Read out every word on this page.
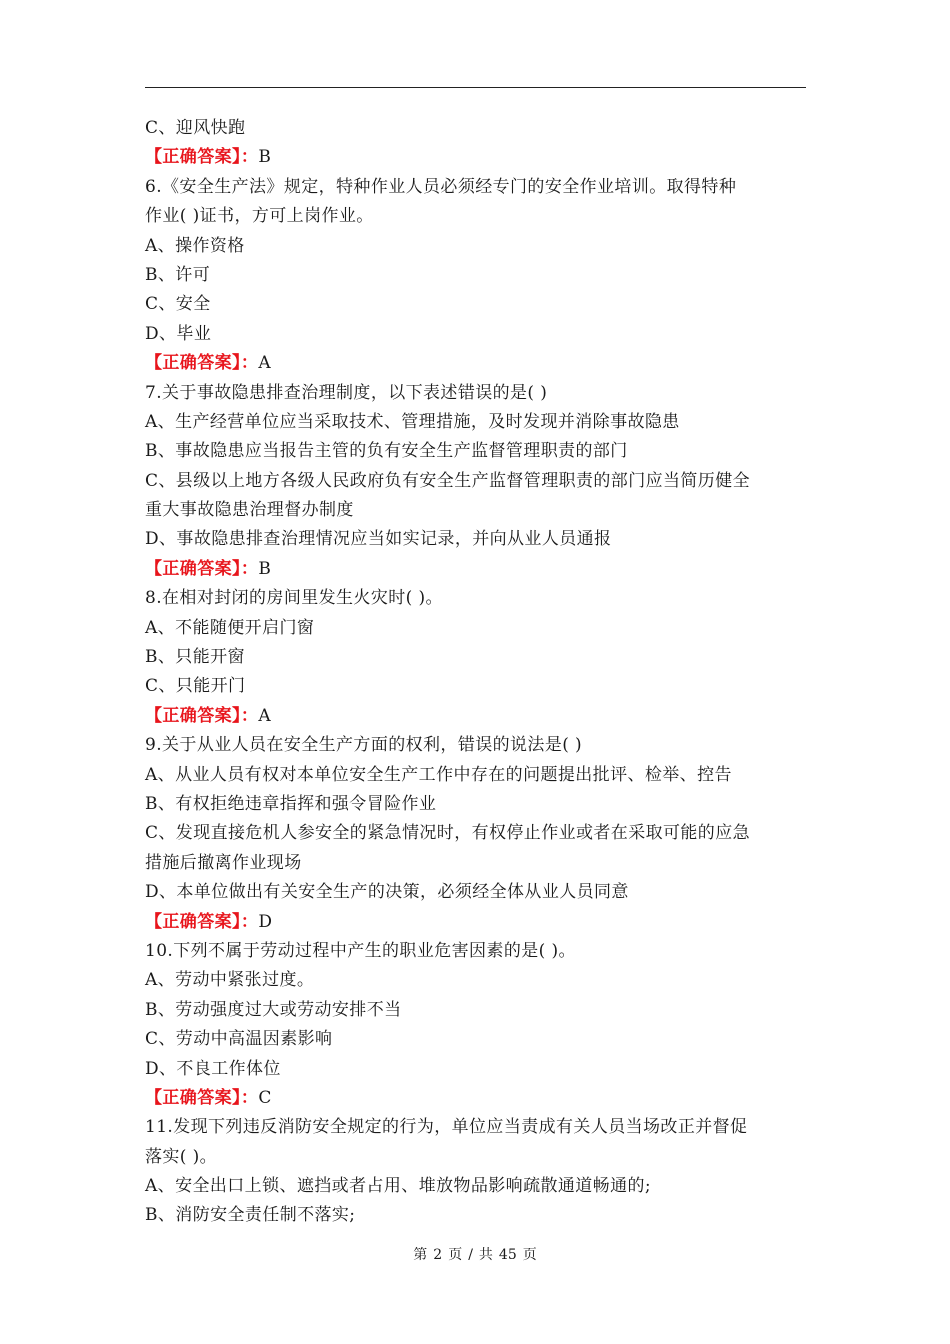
C、迎风快跑
【正确答案】：B
6.《安全生产法》规定，特种作业人员必须经专门的安全作业培训。取得特种
作业( )证书，方可上岗作业。
A、操作资格
B、许可
C、安全
D、毕业
【正确答案】：A
7.关于事故隐患排查治理制度，以下表述错误的是( )
A、生产经营单位应当采取技术、管理措施，及时发现并消除事故隐患
B、事故隐患应当报告主管的负有安全生产监督管理职责的部门
C、县级以上地方各级人民政府负有安全生产监督管理职责的部门应当简历健全
重大事故隐患治理督办制度
D、事故隐患排查治理情况应当如实记录，并向从业人员通报
【正确答案】：B
8.在相对封闭的房间里发生火灾时( )。
A、不能随便开启门窗
B、只能开窗
C、只能开门
【正确答案】：A
9.关于从业人员在安全生产方面的权利，错误的说法是( )
A、从业人员有权对本单位安全生产工作中存在的问题提出批评、检举、控告
B、有权拒绝违章指挥和强令冒险作业
C、发现直接危机人参安全的紧急情况时，有权停止作业或者在采取可能的应急
措施后撤离作业现场
D、本单位做出有关安全生产的决策，必须经全体从业人员同意
【正确答案】：D
10.下列不属于劳动过程中产生的职业危害因素的是( )。
A、劳动中紧张过度。
B、劳动强度过大或劳动安排不当
C、劳动中高温因素影响
D、不良工作体位
【正确答案】：C
11.发现下列违反消防安全规定的行为，单位应当责成有关人员当场改正并督促
落实( )。
A、安全出口上锁、遮挡或者占用、堆放物品影响疏散通道畅通的;
B、消防安全责任制不落实;
第 2 页 / 共 45 页
